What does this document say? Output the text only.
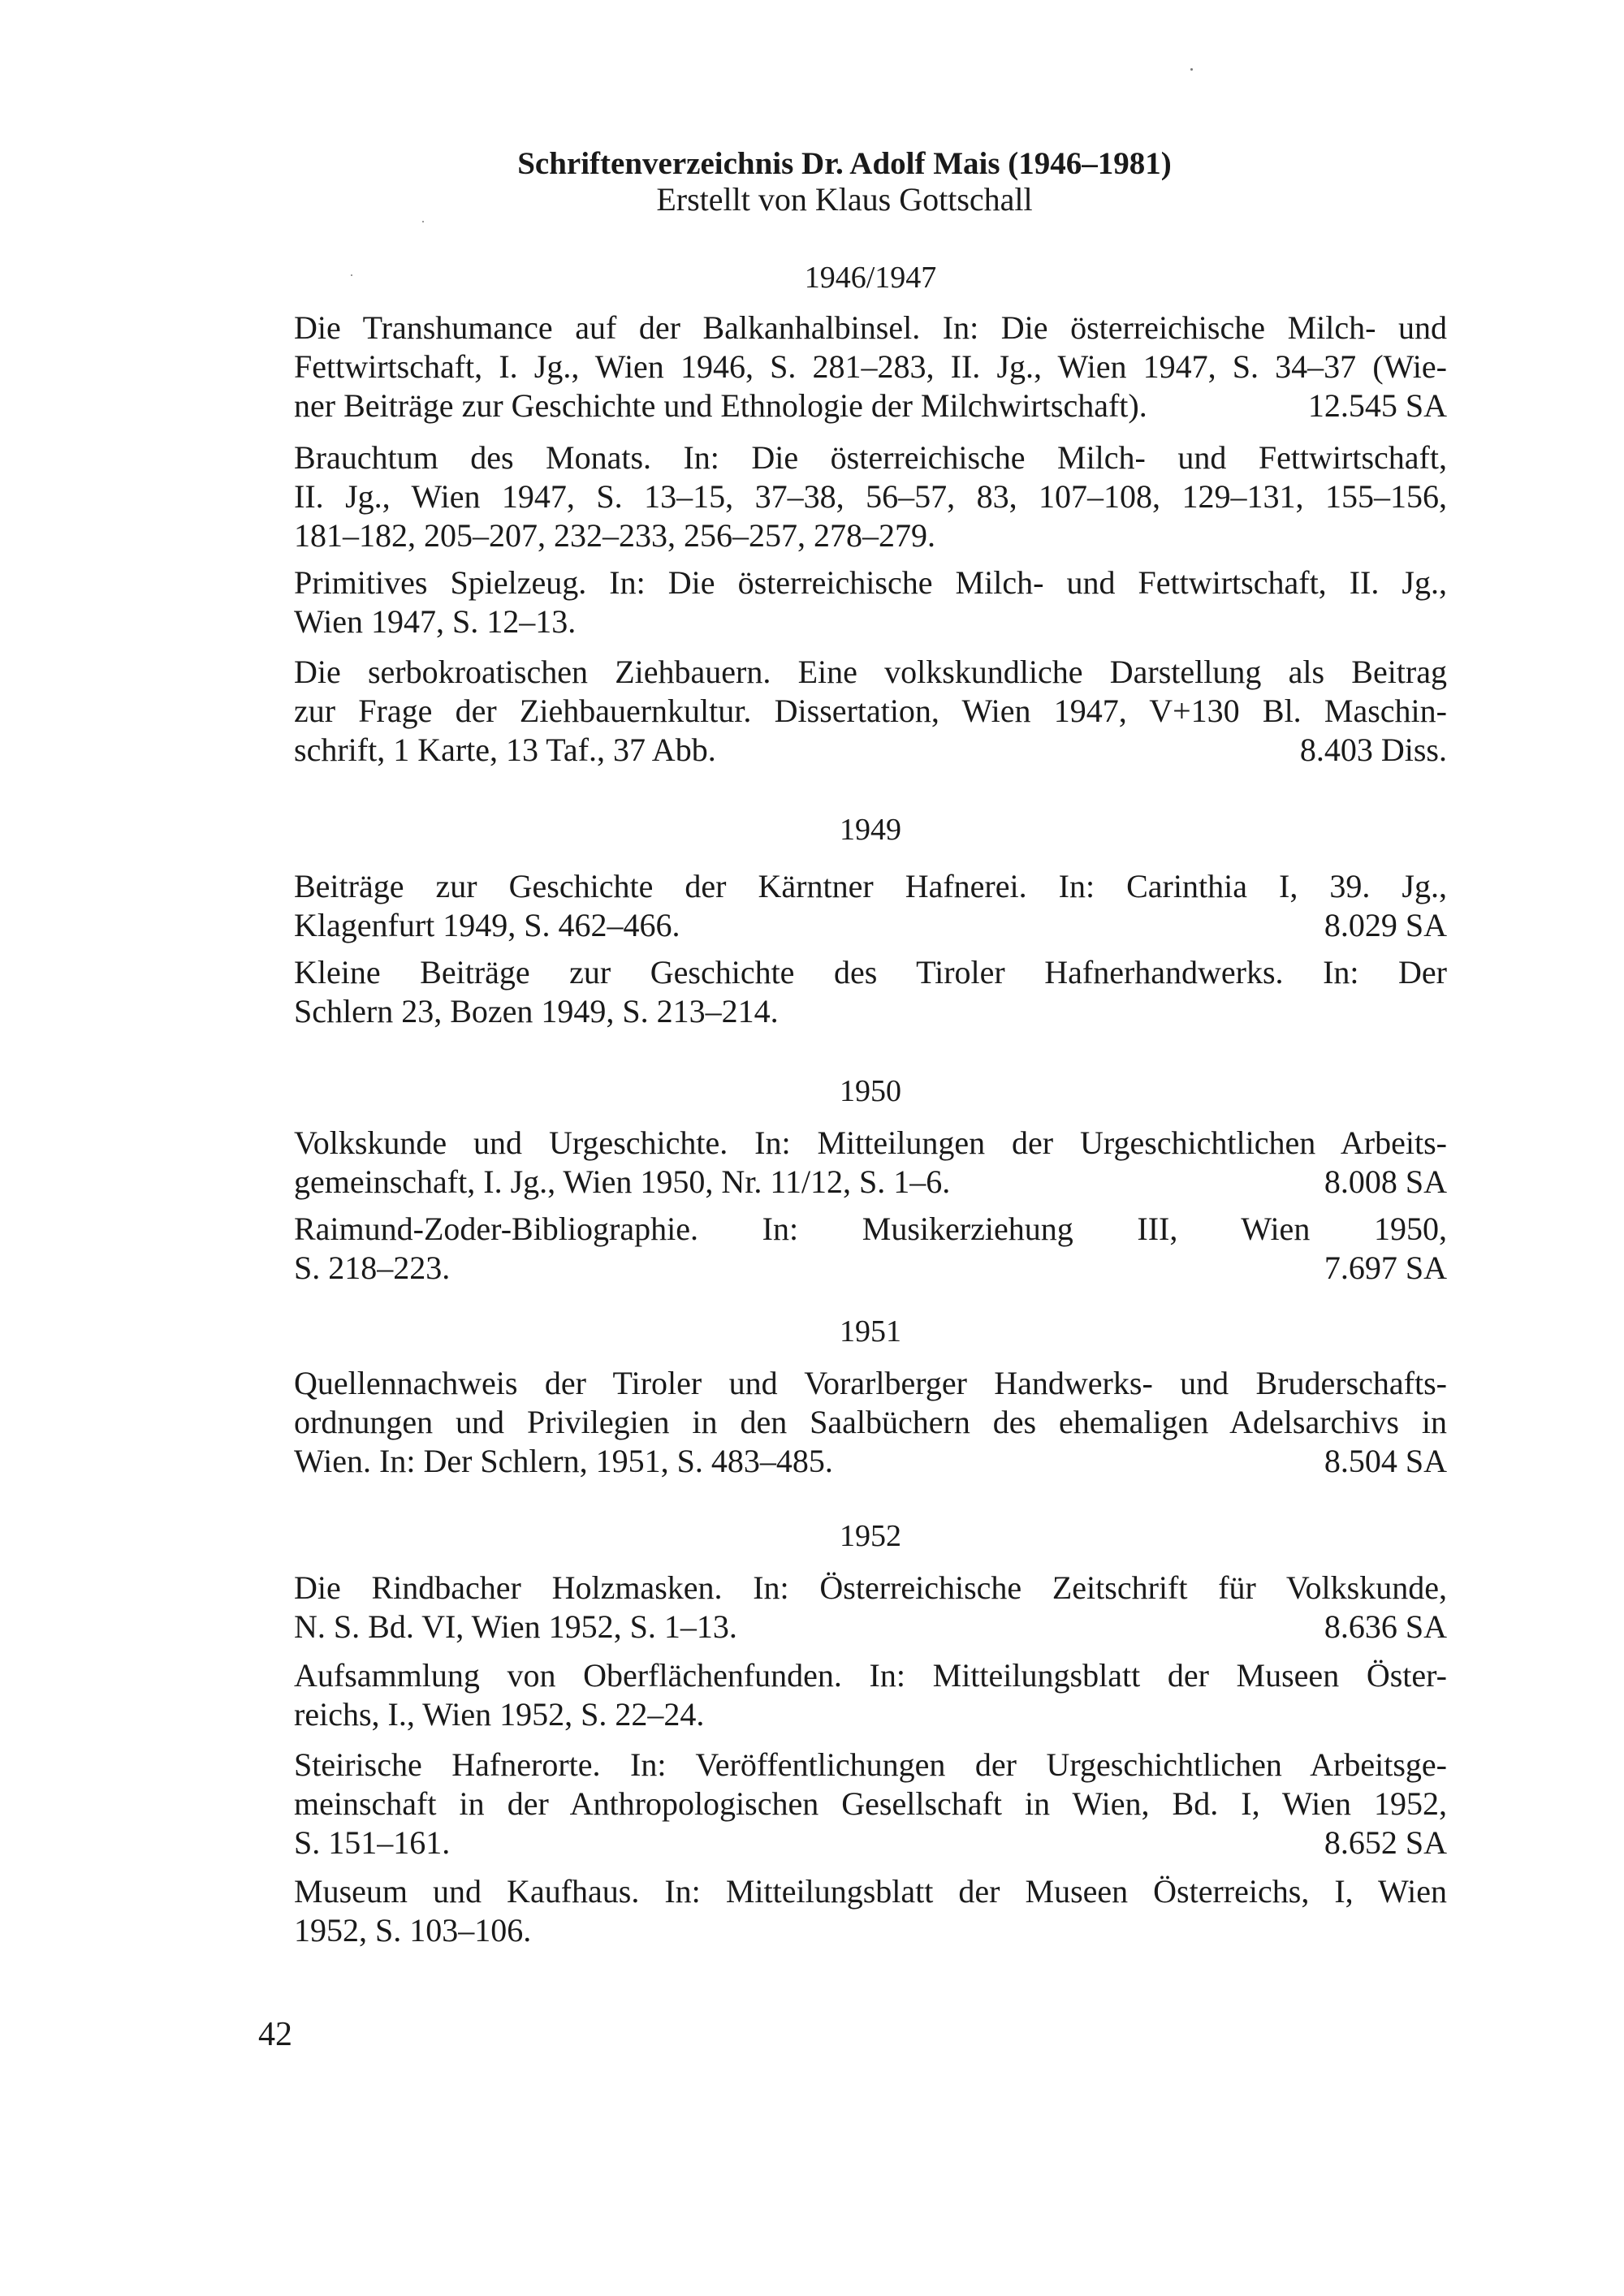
Schriftenverzeichnis Dr. Adolf Mais (1946–1981)
Erstellt von Klaus Gottschall
1946/1947
Die Transhumance auf der Balkanhalbinsel. In: Die österreichische Milch- und
Fettwirtschaft, I. Jg., Wien 1946, S. 281–283, II. Jg., Wien 1947, S. 34–37 (Wie-
ner Beiträge zur Geschichte und Ethnologie der Milchwirtschaft).	12.545 SA
Brauchtum des Monats. In: Die österreichische Milch- und Fettwirtschaft,
II. Jg., Wien 1947, S. 13–15, 37–38, 56–57, 83, 107–108, 129–131, 155–156,
181–182, 205–207, 232–233, 256–257, 278–279.
Primitives Spielzeug. In: Die österreichische Milch- und Fettwirtschaft, II. Jg.,
Wien 1947, S. 12–13.
Die serbokroatischen Ziehbauern. Eine volkskundliche Darstellung als Beitrag
zur Frage der Ziehbauernkultur. Dissertation, Wien 1947, V+130 Bl. Maschin-
schrift, 1 Karte, 13 Taf., 37 Abb.	8.403 Diss.
1949
Beiträge zur Geschichte der Kärntner Hafnerei. In: Carinthia I, 39. Jg.,
Klagenfurt 1949, S. 462–466.	8.029 SA
Kleine Beiträge zur Geschichte des Tiroler Hafnerhandwerks. In: Der
Schlern 23, Bozen 1949, S. 213–214.
1950
Volkskunde und Urgeschichte. In: Mitteilungen der Urgeschichtlichen Arbeits-
gemeinschaft, I. Jg., Wien 1950, Nr. 11/12, S. 1–6.	8.008 SA
Raimund-Zoder-Bibliographie. In: Musikerziehung III, Wien 1950,
S. 218–223.	7.697 SA
1951
Quellennachweis der Tiroler und Vorarlberger Handwerks- und Bruderschafts-
ordnungen und Privilegien in den Saalbüchern des ehemaligen Adelsarchivs in
Wien. In: Der Schlern, 1951, S. 483–485.	8.504 SA
1952
Die Rindbacher Holzmasken. In: Österreichische Zeitschrift für Volkskunde,
N. S. Bd. VI, Wien 1952, S. 1–13.	8.636 SA
Aufsammlung von Oberflächenfunden. In: Mitteilungsblatt der Museen Öster-
reichs, I., Wien 1952, S. 22–24.
Steirische Hafnerorte. In: Veröffentlichungen der Urgeschichtlichen Arbeitsge-
meinschaft in der Anthropologischen Gesellschaft in Wien, Bd. I, Wien 1952,
S. 151–161.	8.652 SA
Museum und Kaufhaus. In: Mitteilungsblatt der Museen Österreichs, I, Wien
1952, S. 103–106.
42
